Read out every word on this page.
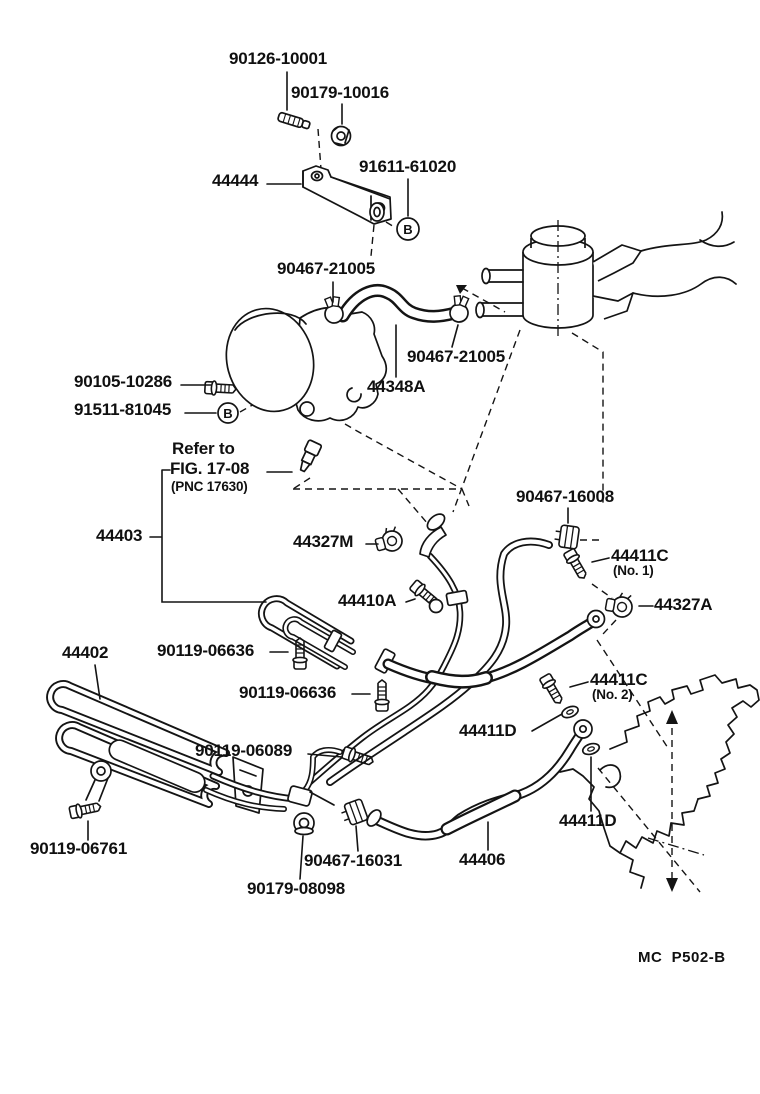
B
B
90126-10001
90179-10016
44444
91611-61020
90467-21005
90467-21005
44348A
90105-10286
91511-81045
Refer to
FIG. 17-08
(PNC 17630)
44403	44327M
90467-16008
44411C
(No. 1)
44327A
44410A
90119-06636
90119-06636
44402
90119-06089
44411C
(No. 2)
44411D
44411D
90119-06761
90467-16031
90179-08098
44406
MC  P502-B
